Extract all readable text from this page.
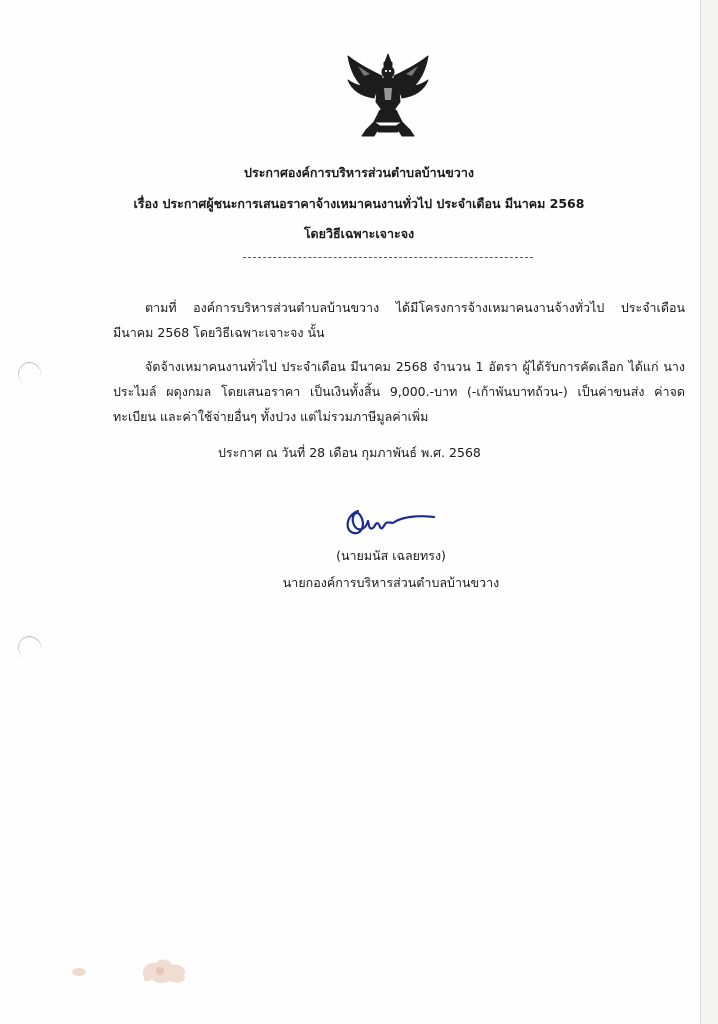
ประกาศองค์การบริหารส่วนตำบลบ้านขวาง
เรื่อง ประกาศผู้ชนะการเสนอราคาจ้างเหมาคนงานทั่วไป ประจำเดือน มีนาคม 2568
โดยวิธีเฉพาะเจาะจง
ตามที่ องค์การบริหารส่วนตำบลบ้านขวาง ได้มีโครงการจ้างเหมาคนงานจ้างทั่วไป ประจำเดือน มีนาคม 2568 โดยวิธีเฉพาะเจาะจง นั้น
จัดจ้างเหมาคนงานทั่วไป ประจำเดือน มีนาคม 2568 จำนวน 1 อัตรา ผู้ได้รับการคัดเลือก ได้แก่ นางประไมล์ ผดุงกมล โดยเสนอราคา เป็นเงินทั้งสิ้น 9,000.-บาท (-เก้าพันบาทถ้วน-) เป็นค่าขนส่ง ค่าจดทะเบียน และค่าใช้จ่ายอื่นๆ ทั้งปวง แต่ไม่รวมภาษีมูลค่าเพิ่ม
ประกาศ ณ วันที่ 28 เดือน กุมภาพันธ์ พ.ศ. 2568
(นายมนัส เฉลยทรง)
นายกองค์การบริหารส่วนตำบลบ้านขวาง
